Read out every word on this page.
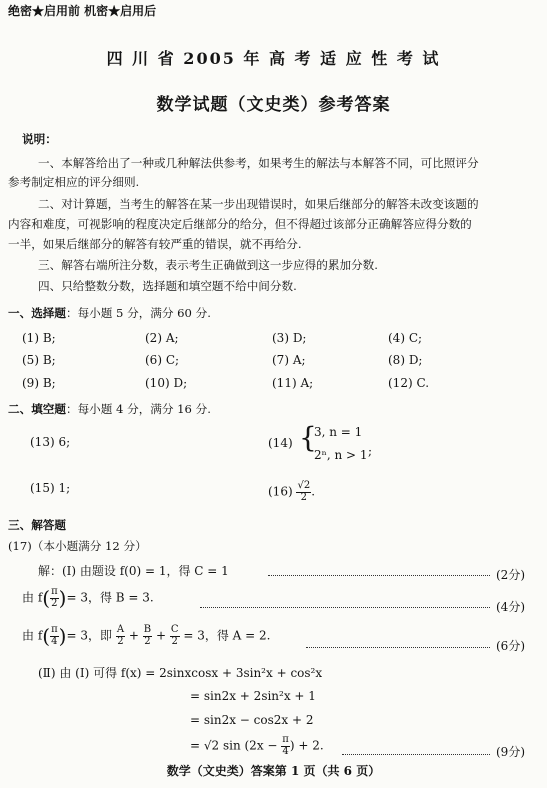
绝密★启用前 机密★启用后
四 川 省 2005 年 高 考 适 应 性 考 试
数学试题（文史类）参考答案
说明：
一、本解答给出了一种或几种解法供参考，如果考生的解法与本解答不同，可比照评分
参考制定相应的评分细则.
二、对计算题，当考生的解答在某一步出现错误时，如果后继部分的解答未改变该题的
内容和难度，可视影响的程度决定后继部分的给分，但不得超过该部分正确解答应得分数的
一半，如果后继部分的解答有较严重的错误，就不再给分.
三、解答右端所注分数，表示考生正确做到这一步应得的累加分数.
四、只给整数分数，选择题和填空题不给中间分数.
一、选择题：每小题 5 分，满分 60 分.
(1) B;	(2) A;	(3) D;	(4) C;
(5) B;	(6) C;	(7) A;	(8) D;
(9) B;	(10) D;	(11) A;	(12) C.
二、填空题：每小题 4 分，满分 16 分.
(13) 6;	(14) {
3, n = 1
2ⁿ, n > 1 ;
(15) 1;	$(16) \frac{√2}{2}$ .
三、解答题
(17)（本小题满分 12 分）
解：(Ⅰ) 由题设 f(0) = 1，得 C = 1	(2分)
由 $f( \frac{\pi}{2}$ )= 3，得 B = 3.
(4分)
由 $f( \frac{\pi}{4}$ )= 3，即 $\frac{A}{2} + \frac{B}{2} + \frac{C}{2} = 3$，得 A = 2.
(6分)
(Ⅱ) 由 (Ⅰ) 可得 f(x) = 2sinxcosx + 3sin²x + cos²x
= sin2x + 2sin²x + 1
= sin2x − cos2x + 2
= √2 $\sin (2x - \frac{\pi}{4}$ ) + 2.	(9分)
数学（文史类）答案第 1 页（共 6 页）
